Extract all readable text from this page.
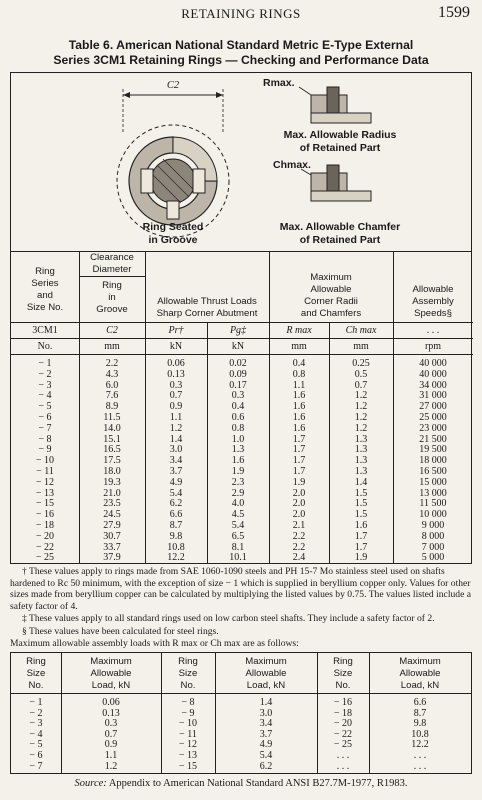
RETAINING RINGS	1599
Table 6. American National Standard Metric E-Type External
Series 3CM1 Retaining Rings — Checking and Performance Data
C2	Rmax.
Chmax.
Ring Seated
in Groove
Max. Allowable Radius
of Retained Part
Max. Allowable Chamfer
of Retained Part
Ring
Series
and
Size No.
Clearance
Diameter
Ring
in
Groove
Allowable Thrust Loads
Sharp Corner Abutment
Maximum
Allowable
Corner Radii
and Chamfers
Allowable
Assembly
Speeds§
3CM1	C2	Pr†	Pg‡	R max	Ch max	. . .
No.	mm	kN	kN	mm	mm	rpm
− 1	2.2	0.06	0.02	0.4	0.25	40 000
− 2	4.3	0.13	0.09	0.8	0.5	40 000
− 3	6.0	0.3	0.17	1.1	0.7	34 000
− 4	7.6	0.7	0.3	1.6	1.2	31 000
− 5	8.9	0.9	0.4	1.6	1.2	27 000
− 6	11.5	1.1	0.6	1.6	1.2	25 000
− 7	14.0	1.2	0.8	1.6	1.2	23 000
− 8	15.1	1.4	1.0	1.7	1.3	21 500
− 9	16.5	3.0	1.3	1.7	1.3	19 500
− 10	17.5	3.4	1.6	1.7	1.3	18 000
− 11	18.0	3.7	1.9	1.7	1.3	16 500
− 12	19.3	4.9	2.3	1.9	1.4	15 000
− 13	21.0	5.4	2.9	2.0	1.5	13 000
− 15	23.5	6.2	4.0	2.0	1.5	11 500
− 16	24.5	6.6	4.5	2.0	1.5	10 000
− 18	27.9	8.7	5.4	2.1	1.6	9 000
− 20	30.7	9.8	6.5	2.2	1.7	8 000
− 22	33.7	10.8	8.1	2.2	1.7	7 000
− 25	37.9	12.2	10.1	2.4	1.9	5 000

† These values apply to rings made from SAE 1060-1090 steels and PH 15-7 Mo stainless steel used on shafts hardened to Rc 50 minimum, with the exception of size − 1 which is supplied in beryllium copper only. Values for other sizes made from beryllium copper can be calculated by multiplying the listed values by 0.75. The values listed include a safety factor of 4.

‡ These values apply to all standard rings used on low carbon steel shafts. They include a safety factor of 2.

§ These values have been calculated for steel rings.

Maximum allowable assembly loads with R max or Ch max are as follows:

Ring
Size
No.
Maximum
Allowable
Load, kN
Ring
Size
No.
Maximum
Allowable
Load, kN
Ring
Size
No.
Maximum
Allowable
Load, kN
− 1	0.06	− 8	1.4	− 16	6.6
− 2	0.13	− 9	3.0	− 18	8.7
− 3	0.3	− 10	3.4	− 20	9.8
− 4	0.7	− 11	3.7	− 22	10.8
− 5	0.9	− 12	4.9	− 25	12.2
− 6	1.1	− 13	5.4	. . .	. . .
− 7	1.2	− 15	6.2	. . .	. . .
Source: Appendix to American National Standard ANSI B27.7M-1977, R1983.
